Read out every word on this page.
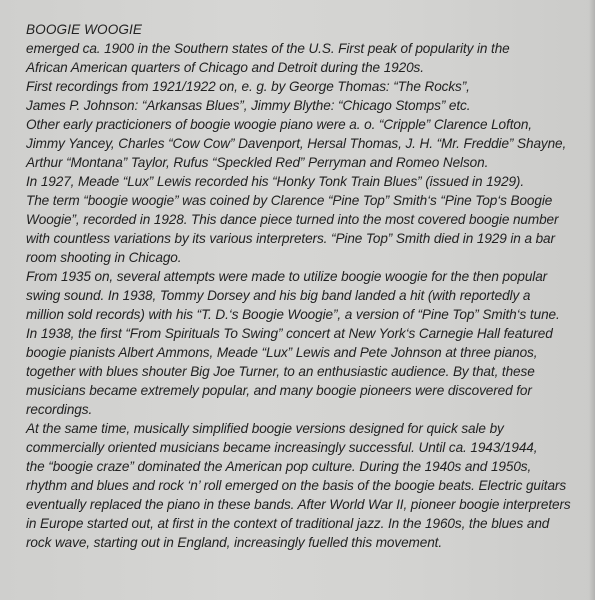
BOOGIE WOOGIE

emerged ca. 1900 in the Southern states of the U.S. First peak of popularity in the

African American quarters of Chicago and Detroit during the 1920s.

First recordings from 1921/1922 on, e. g. by George Thomas: “The Rocks”,

James P. Johnson: “Arkansas Blues”, Jimmy Blythe: “Chicago Stomps” etc.

Other early practicioners of boogie woogie piano were a. o. “Cripple” Clarence Lofton,

Jimmy Yancey, Charles “Cow Cow” Davenport, Hersal Thomas, J. H. “Mr. Freddie” Shayne,

Arthur “Montana” Taylor, Rufus “Speckled Red” Perryman and Romeo Nelson.

In 1927, Meade “Lux” Lewis recorded his “Honky Tonk Train Blues” (issued in 1929).

The term “boogie woogie” was coined by Clarence “Pine Top” Smith‘s “Pine Top‘s Boogie

Woogie”, recorded in 1928. This dance piece turned into the most covered boogie number

with countless variations by its various interpreters. “Pine Top” Smith died in 1929 in a bar

room shooting in Chicago.

From 1935 on, several attempts were made to utilize boogie woogie for the then popular

swing sound. In 1938, Tommy Dorsey and his big band landed a hit (with reportedly a

million sold records) with his “T. D.‘s Boogie Woogie”, a version of “Pine Top” Smith‘s tune.

In 1938, the first “From Spirituals To Swing” concert at New York‘s Carnegie Hall featured

boogie pianists Albert Ammons, Meade “Lux” Lewis and Pete Johnson at three pianos,

together with blues shouter Big Joe Turner, to an enthusiastic audience. By that, these

musicians became extremely popular, and many boogie pioneers were discovered for

recordings.

At the same time, musically simplified boogie versions designed for quick sale by

commercially oriented musicians became increasingly successful. Until ca. 1943/1944,

the “boogie craze” dominated the American pop culture. During the 1940s and 1950s,

rhythm and blues and rock ‘n’ roll emerged on the basis of the boogie beats. Electric guitars

eventually replaced the piano in these bands. After World War II, pioneer boogie interpreters

in Europe started out, at first in the context of traditional jazz. In the 1960s, the blues and

rock wave, starting out in England, increasingly fuelled this movement.
